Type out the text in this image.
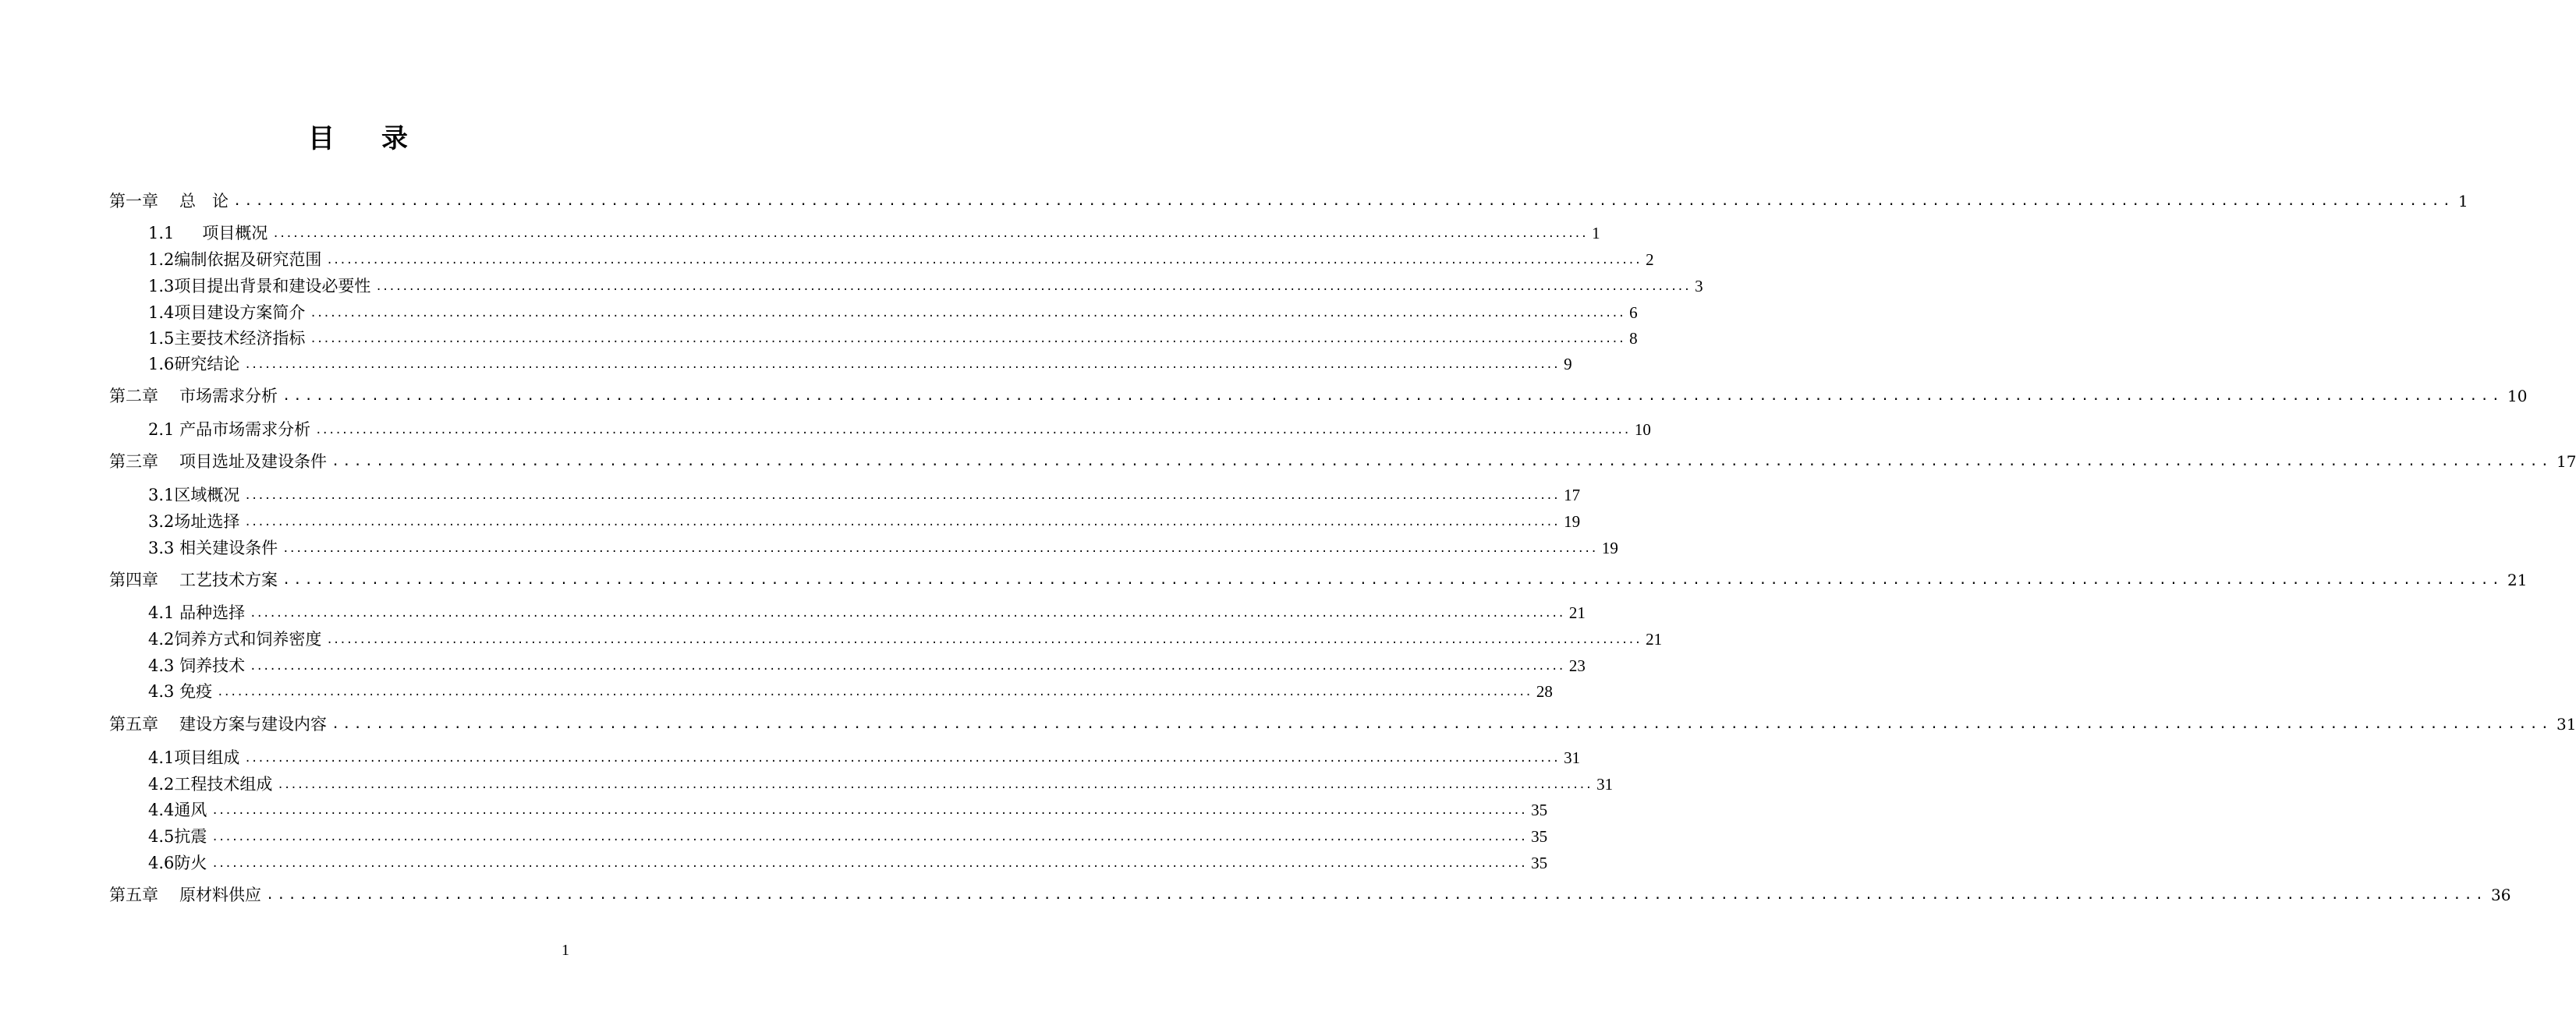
目 录
第一章 总　论 ........................................................................................................................................................................................................ 1
1.1 项目概况 ........................................................................................................................................................................................................ 1
1.2编制依据及研究范围 ........................................................................................................................................................................................................ 2
1.3项目提出背景和建设必要性 ........................................................................................................................................................................................................ 3
1.4项目建设方案简介 ........................................................................................................................................................................................................ 6
1.5主要技术经济指标 ........................................................................................................................................................................................................ 8
1.6研究结论 ........................................................................................................................................................................................................ 9
第二章 市场需求分析 ........................................................................................................................................................................................................ 10
2.1 产品市场需求分析 ........................................................................................................................................................................................................ 10
第三章 项目选址及建设条件 ........................................................................................................................................................................................................ 17
3.1区域概况 ........................................................................................................................................................................................................ 17
3.2场址选择 ........................................................................................................................................................................................................ 19
3.3 相关建设条件 ........................................................................................................................................................................................................ 19
第四章 工艺技术方案 ........................................................................................................................................................................................................ 21
4.1 品种选择 ........................................................................................................................................................................................................ 21
4.2饲养方式和饲养密度 ........................................................................................................................................................................................................ 21
4.3 饲养技术 ........................................................................................................................................................................................................ 23
4.3 免疫 ........................................................................................................................................................................................................ 28
第五章 建设方案与建设内容 ........................................................................................................................................................................................................ 31
4.1项目组成 ........................................................................................................................................................................................................ 31
4.2工程技术组成 ........................................................................................................................................................................................................ 31
4.4通风 ........................................................................................................................................................................................................ 35
4.5抗震 ........................................................................................................................................................................................................ 35
4.6防火 ........................................................................................................................................................................................................ 35
第五章 原材料供应 ........................................................................................................................................................................................................ 36
1
